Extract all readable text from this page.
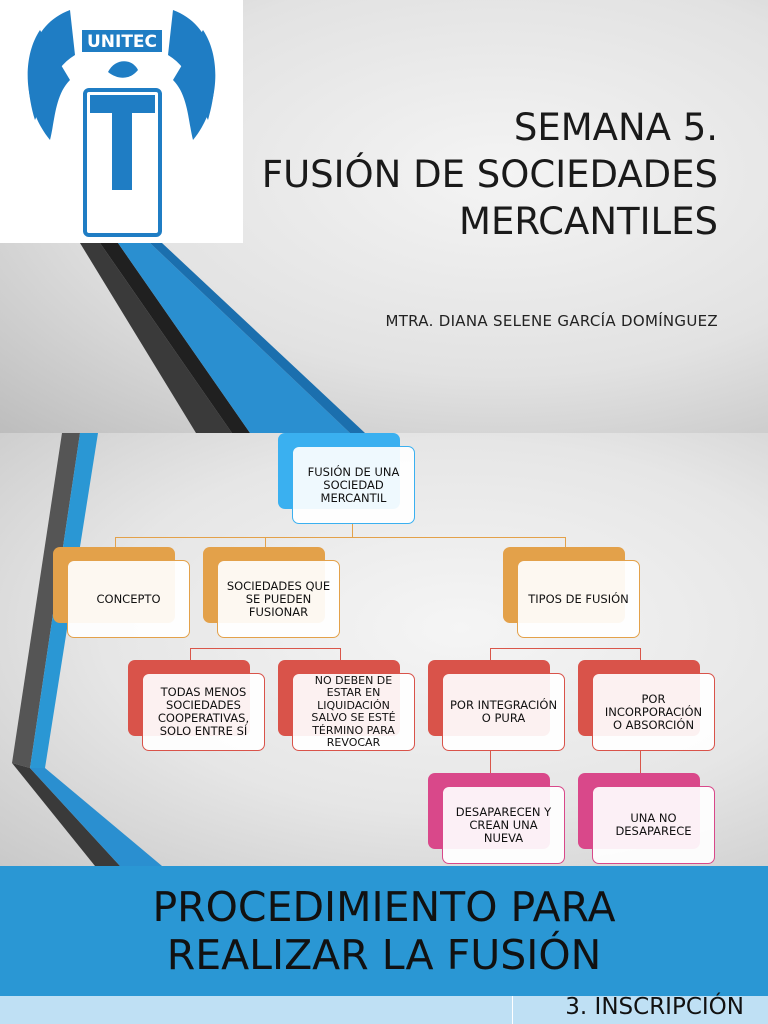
UNITEC
SEMANA 5.
FUSIÓN DE SOCIEDADES
MERCANTILES
MTRA. DIANA SELENE GARCÍA DOMÍNGUEZ
FUSIÓN DE UNA SOCIEDAD MERCANTIL
CONCEPTO
SOCIEDADES QUE SE PUEDEN FUSIONAR
TIPOS DE FUSIÓN
TODAS MENOS SOCIEDADES COOPERATIVAS, SOLO ENTRE SÍ
NO DEBEN DE ESTAR EN LIQUIDACIÓN SALVO SE ESTÉ TÉRMINO PARA REVOCAR
POR INTEGRACIÓN O PURA
POR INCORPORACIÓN O ABSORCIÓN
DESAPARECEN Y CREAN UNA NUEVA
UNA NO DESAPARECE
PROCEDIMIENTO PARA
REALIZAR LA FUSIÓN
3. INSCRIPCIÓN
